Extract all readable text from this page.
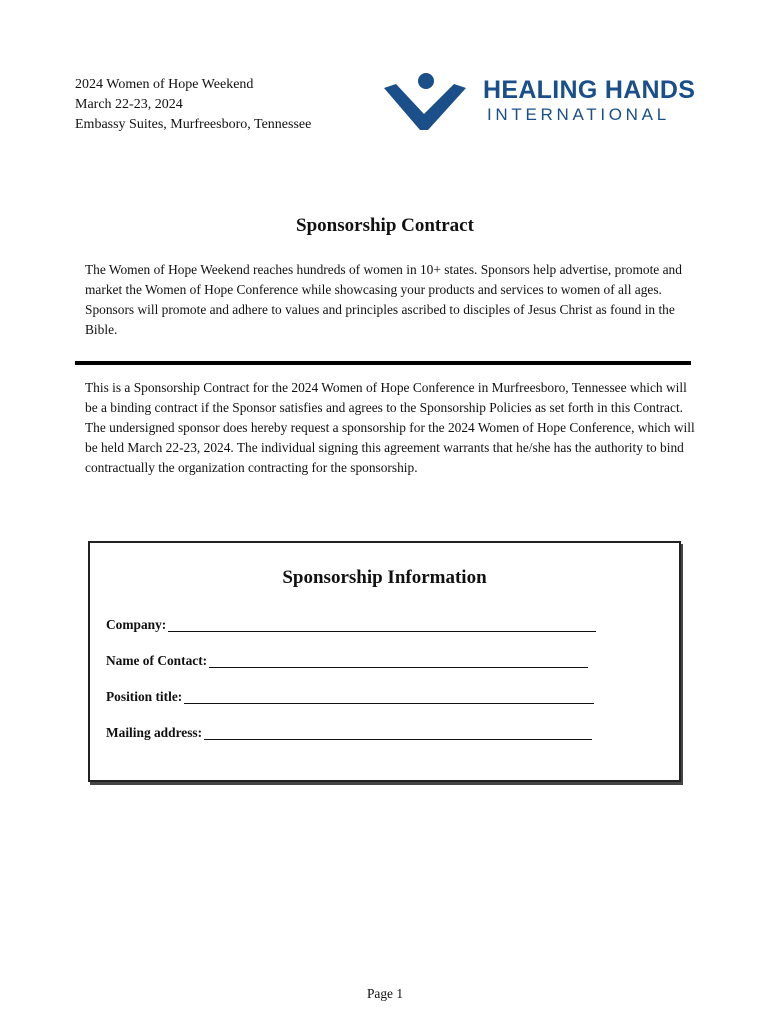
2024 Women of Hope Weekend
March 22-23, 2024
Embassy Suites, Murfreesboro, Tennessee
HEALING HANDS
INTERNATIONAL
Sponsorship Contract
The Women of Hope Weekend reaches hundreds of women in 10+ states. Sponsors help advertise, promote and market the Women of Hope Conference while showcasing your products and services to women of all ages. Sponsors will promote and adhere to values and principles ascribed to disciples of Jesus Christ as found in the Bible.
This is a Sponsorship Contract for the 2024 Women of Hope Conference in Murfreesboro, Tennessee which will be a binding contract if the Sponsor satisfies and agrees to the Sponsorship Policies as set forth in this Contract. The undersigned sponsor does hereby request a sponsorship for the 2024 Women of Hope Conference, which will be held March 22-23, 2024. The individual signing this agreement warrants that he/she has the authority to bind contractually the organization contracting for the sponsorship.
Sponsorship Information
Company:
Name of Contact:
Position title:
Mailing address:
Page 1
